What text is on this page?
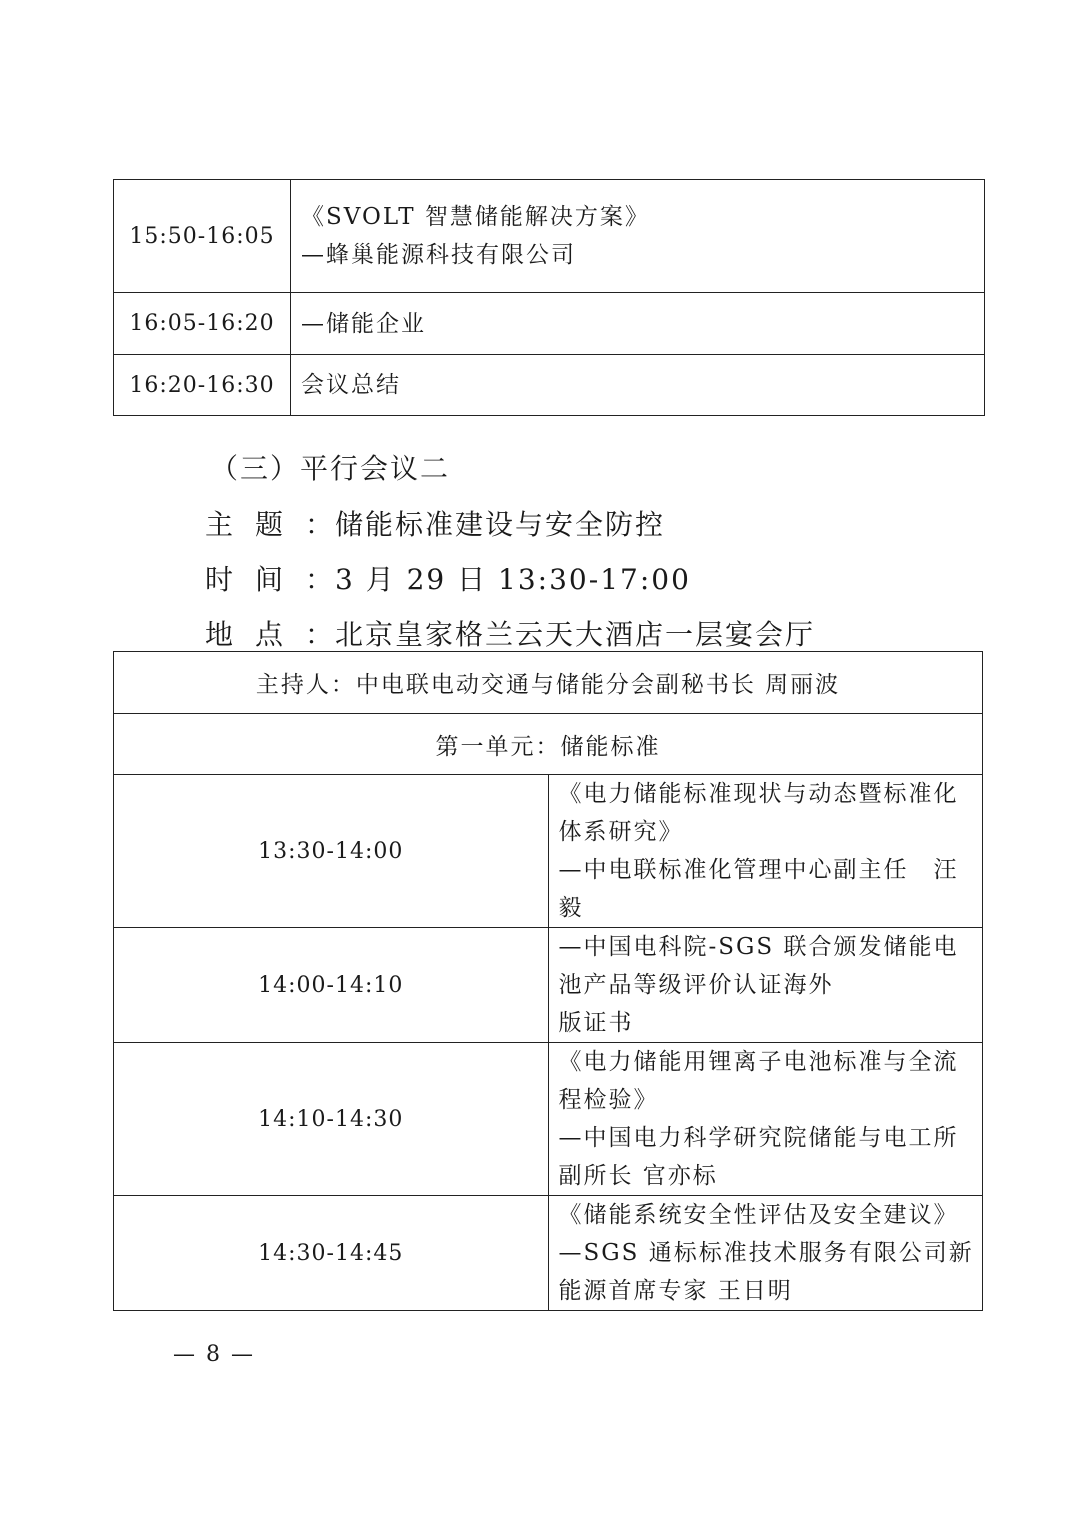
15:50-16:05	《SVOLT 智慧储能解决方案》
—蜂巢能源科技有限公司

16:05-16:20	—储能企业

16:20-16:30	会议总结
（三）平行会议二
主 题 ：储能标准建设与安全防控
时 间 ：3 月 29 日 13:30-17:00
地 点 ：北京皇家格兰云天大酒店一层宴会厅
主持人：中电联电动交通与储能分会副秘书长 周丽波	
第一单元：储能标准	
13:30-14:00	《电力储能标准现状与动态暨标准化体系研究》
—中电联标准化管理中心副主任　汪　毅

14:00-14:10	—中国电科院-SGS 联合颁发储能电池产品等级评价认证海外
版证书

14:10-14:30	《电力储能用锂离子电池标准与全流程检验》
—中国电力科学研究院储能与电工所副所长 官亦标

14:30-14:45	《储能系统安全性评估及安全建议》
—SGS 通标标准技术服务有限公司新能源首席专家 王日明
— 8 —
